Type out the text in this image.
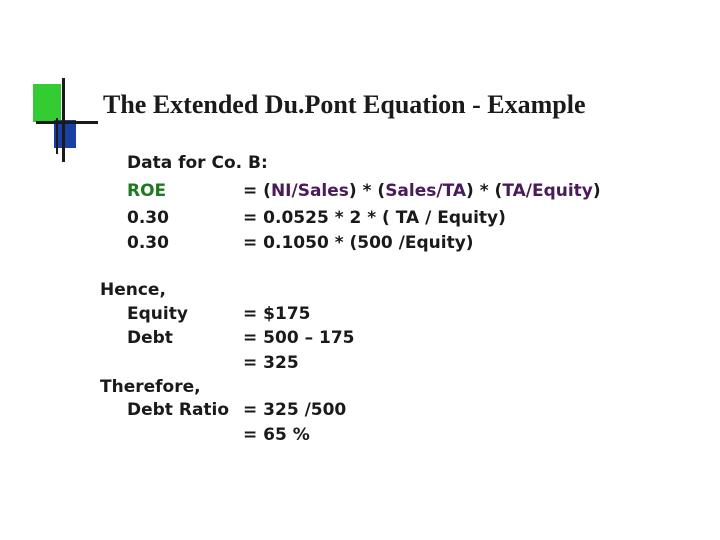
The Extended Du.Pont Equation - Example
Data for Co. B:
ROE	= (NI/Sales) * (Sales/TA) * (TA/Equity)
0.30	= 0.0525 * 2 * ( TA / Equity)
0.30	= 0.1050 * (500 /Equity)
Hence,
Equity	= $175
Debt	= 500 – 175
= 325
Therefore,
Debt Ratio = 325 /500
= 65 %
